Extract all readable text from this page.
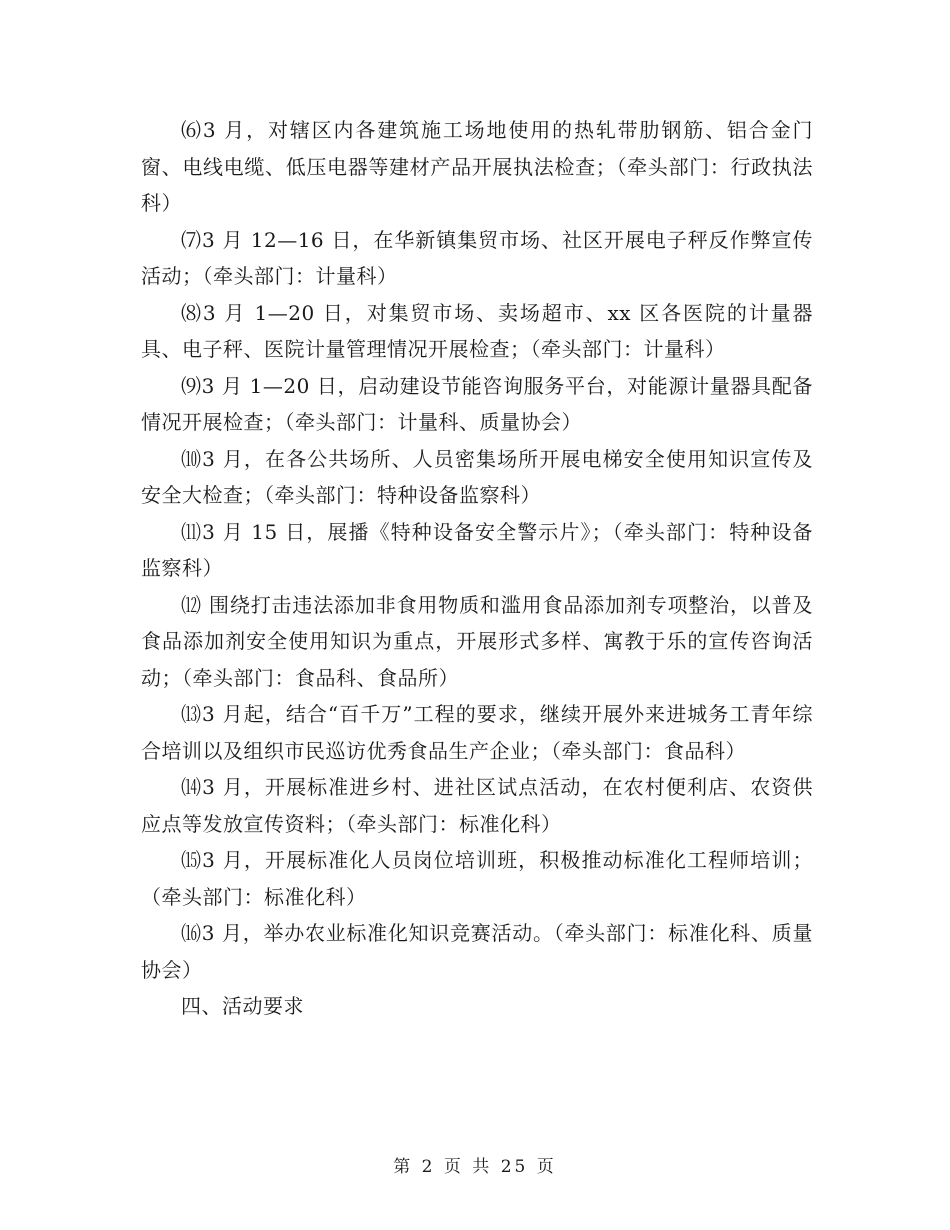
⑹3 月，对辖区内各建筑施工场地使用的热轧带肋钢筋、铝合金门窗、电线电缆、低压电器等建材产品开展执法检查；（牵头部门：行政执法科）

⑺3 月 12—16 日，在华新镇集贸市场、社区开展电子秤反作弊宣传活动；（牵头部门：计量科）

⑻3 月 1—20 日，对集贸市场、卖场超市、xx 区各医院的计量器具、电子秤、医院计量管理情况开展检查；（牵头部门：计量科）

⑼3 月 1—20 日，启动建设节能咨询服务平台，对能源计量器具配备情况开展检查；（牵头部门：计量科、质量协会）

⑽3 月，在各公共场所、人员密集场所开展电梯安全使用知识宣传及安全大检查；（牵头部门：特种设备监察科）

⑾3 月 15 日，展播《特种设备安全警示片》；（牵头部门：特种设备监察科）

⑿ 围绕打击违法添加非食用物质和滥用食品添加剂专项整治，以普及食品添加剂安全使用知识为重点，开展形式多样、寓教于乐的宣传咨询活动；（牵头部门：食品科、食品所）

⒀3 月起，结合“百千万”工程的要求，继续开展外来进城务工青年综合培训以及组织市民巡访优秀食品生产企业；（牵头部门：食品科）

⒁3 月，开展标准进乡村、进社区试点活动，在农村便利店、农资供应点等发放宣传资料；（牵头部门：标准化科）

⒂3 月，开展标准化人员岗位培训班，积极推动标准化工程师培训；（牵头部门：标准化科）

⒃3 月，举办农业标准化知识竞赛活动。（牵头部门：标准化科、质量协会）

四、活动要求

第 2 页 共 25 页
